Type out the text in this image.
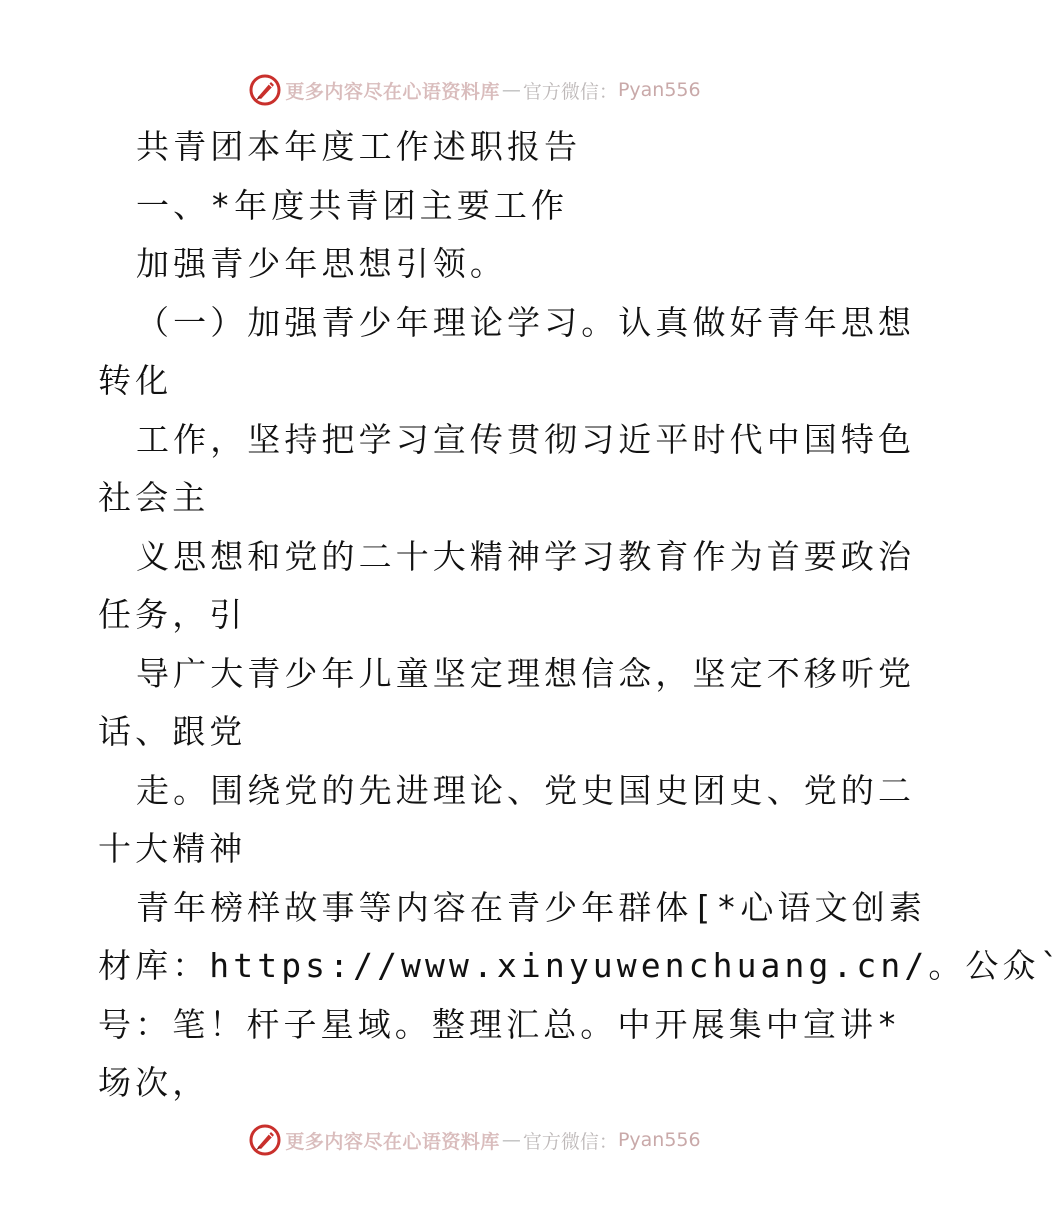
更多内容尽在心语资料库 — 官方微信： Pyan556
共青团本年度工作述职报告
一、*年度共青团主要工作
加强青少年思想引领。
（一）加强青少年理论学习。认真做好青年思想
转化
工作，坚持把学习宣传贯彻习近平时代中国特色
社会主
义思想和党的二十大精神学习教育作为首要政治
任务，引
导广大青少年儿童坚定理想信念，坚定不移听党
话、跟党
走。围绕党的先进理论、党史国史团史、党的二
十大精神
青年榜样故事等内容在青少年群体[*心语文创素
材库：https://www.xinyuwenchuang.cn/。公众`
号：笔！杆子星域。整理汇总。中开展集中宣讲*
场次，
更多内容尽在心语资料库 — 官方微信： Pyan556
